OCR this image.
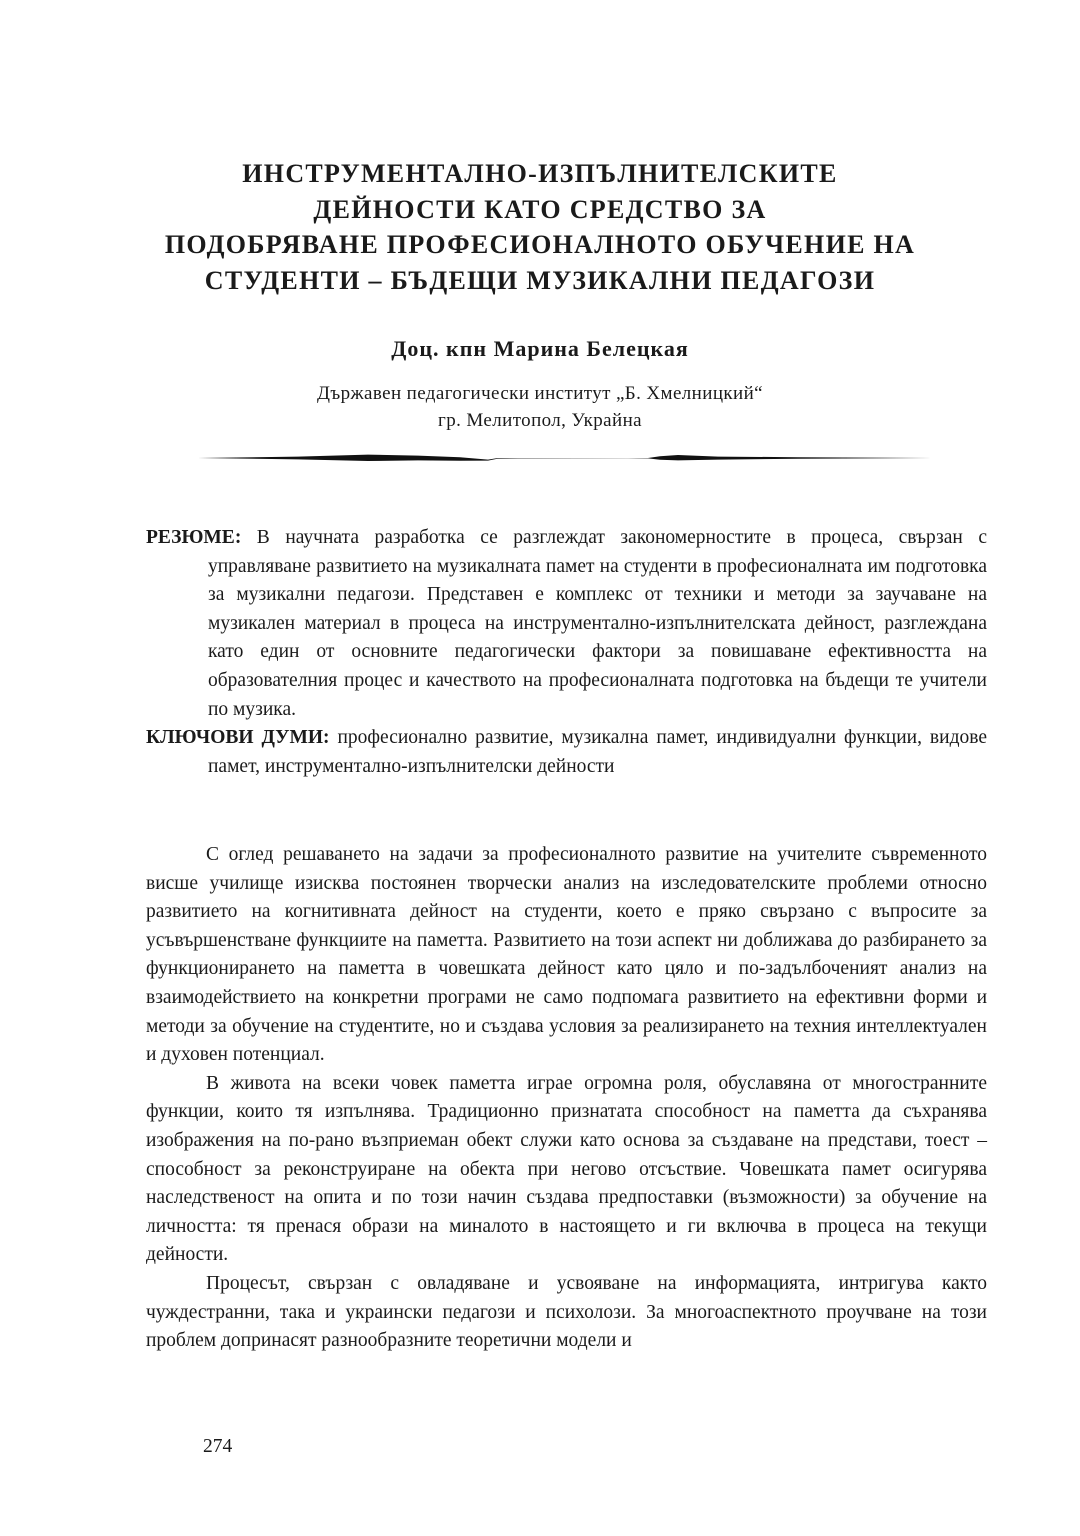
ИНСТРУМЕНТАЛНО-ИЗПЪЛНИТЕЛСКИТЕ
ДЕЙНОСТИ КАТО СРЕДСТВО ЗА
ПОДОБРЯВАНЕ ПРОФЕСИОНАЛНОТО ОБУЧЕНИЕ НА
СТУДЕНТИ – БЪДЕЩИ МУЗИКАЛНИ ПЕДАГОЗИ
Доц. кпн Марина Белецкая
Държавен педагогически институт „Б. Хмелницкий“
гр. Мелитопол, Украйна

РЕЗЮМЕ: В научната разработка се разглеждат закономерностите в процеса, свързан с управляване развитието на музикалната памет на студенти в професионалната им подготовка за музикални педагози. Представен е комплекс от техники и методи за заучаване на музикален материал в процеса на инструментално-изпълнителската дейност, разглеждана като един от основните педагогически фактори за повишаване ефективността на образователния процес и качеството на професионалната подготовка на бъдещи те учители по музика.

КЛЮЧОВИ ДУМИ: професионално развитие, музикална памет, индивидуални функции, видове памет, инструментално-изпълнителски дейности

С оглед решаването на задачи за професионалното развитие на учителите съвременното висше училище изисква постоянен творчески анализ на изследователските проблеми относно развитието на когнитивната дейност на студенти, което е пряко свързано с въпросите за усъвършенстване функциите на паметта. Развитието на този аспект ни доближава до разбирането за функционирането на паметта в човешката дейност като цяло и по-задълбоченият анализ на взаимодействието на конкретни програми не само подпомага развитието на ефективни форми и методи за обучение на студентите, но и създава условия за реализирането на техния интеллектуален и духовен потенциал.

В живота на всеки човек паметта играе огромна роля, обуславяна от многостранните функции, които тя изпълнява. Традиционно признатата способност на паметта да съхранява изображения на по-рано възприеман обект служи като основа за създаване на представи, тоест – способност за реконструиране на обекта при негово отсъствие. Човешката памет осигурява наследственост на опита и по този начин създава предпоставки (възможности) за обучение на личността: тя пренася образи на миналото в настоящето и ги включва в процеса на текущи дейности.

Процесът, свързан с овладяване и усвояване на информацията, интригува както чуждестранни, така и украински педагози и психолози. За многоаспектното проучване на този проблем допринасят разнообразните теоретични модели и

274
